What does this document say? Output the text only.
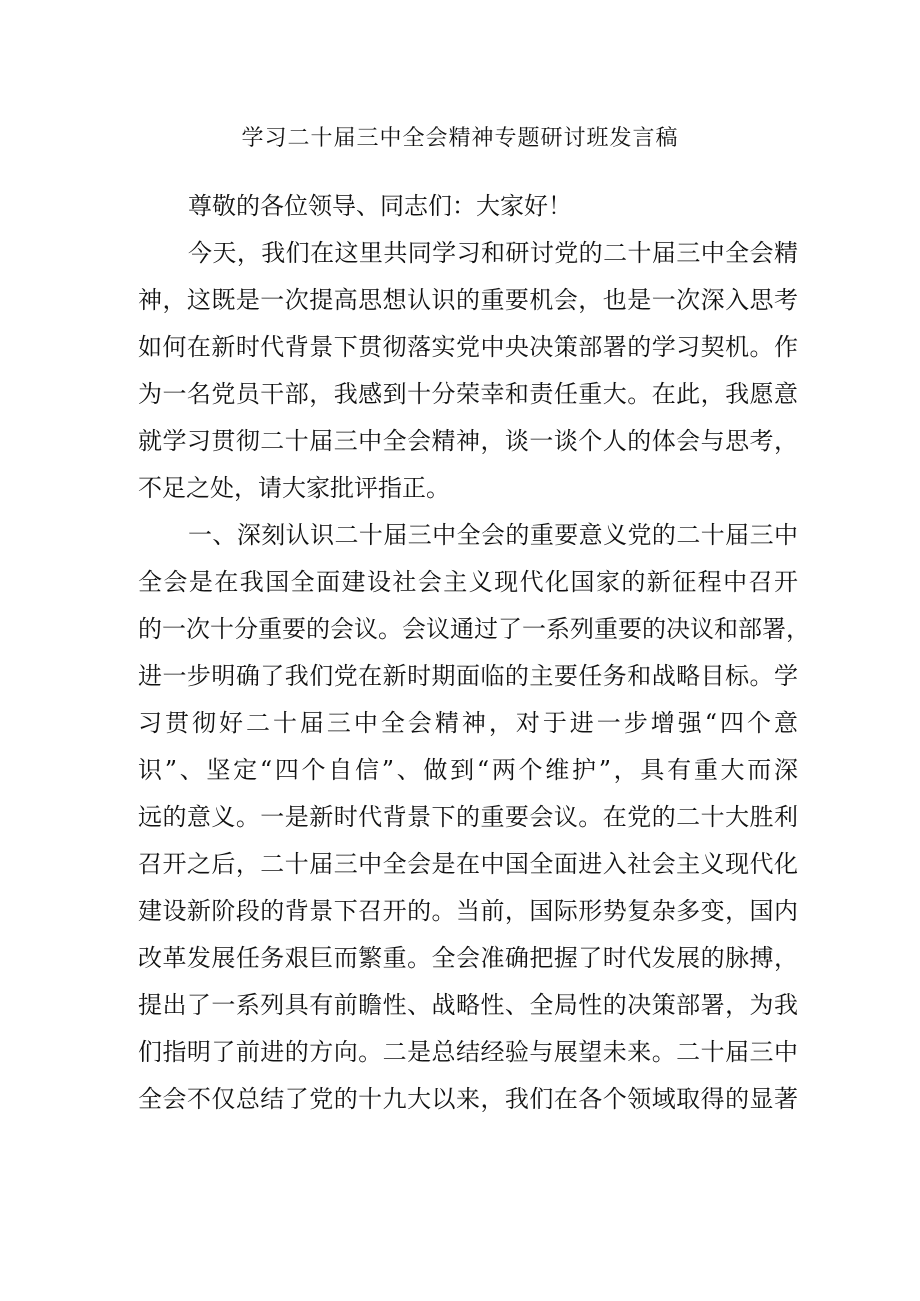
学习二十届三中全会精神专题研讨班发言稿
尊敬的各位领导、同志们：大家好！
今天，我们在这里共同学习和研讨党的二十届三中全会精
神，这既是一次提高思想认识的重要机会，也是一次深入思考
如何在新时代背景下贯彻落实党中央决策部署的学习契机。作
为一名党员干部，我感到十分荣幸和责任重大。在此，我愿意
就学习贯彻二十届三中全会精神，谈一谈个人的体会与思考，
不足之处，请大家批评指正。
一、深刻认识二十届三中全会的重要意义党的二十届三中
全会是在我国全面建设社会主义现代化国家的新征程中召开
的一次十分重要的会议。会议通过了一系列重要的决议和部署，
进一步明确了我们党在新时期面临的主要任务和战略目标。学
习贯彻好二十届三中全会精神，对于进一步增强“四个意
识”、坚定“四个自信”、做到“两个维护”，具有重大而深
远的意义。一是新时代背景下的重要会议。在党的二十大胜利
召开之后，二十届三中全会是在中国全面进入社会主义现代化
建设新阶段的背景下召开的。当前，国际形势复杂多变，国内
改革发展任务艰巨而繁重。全会准确把握了时代发展的脉搏，
提出了一系列具有前瞻性、战略性、全局性的决策部署，为我
们指明了前进的方向。二是总结经验与展望未来。二十届三中
全会不仅总结了党的十九大以来，我们在各个领域取得的显著
